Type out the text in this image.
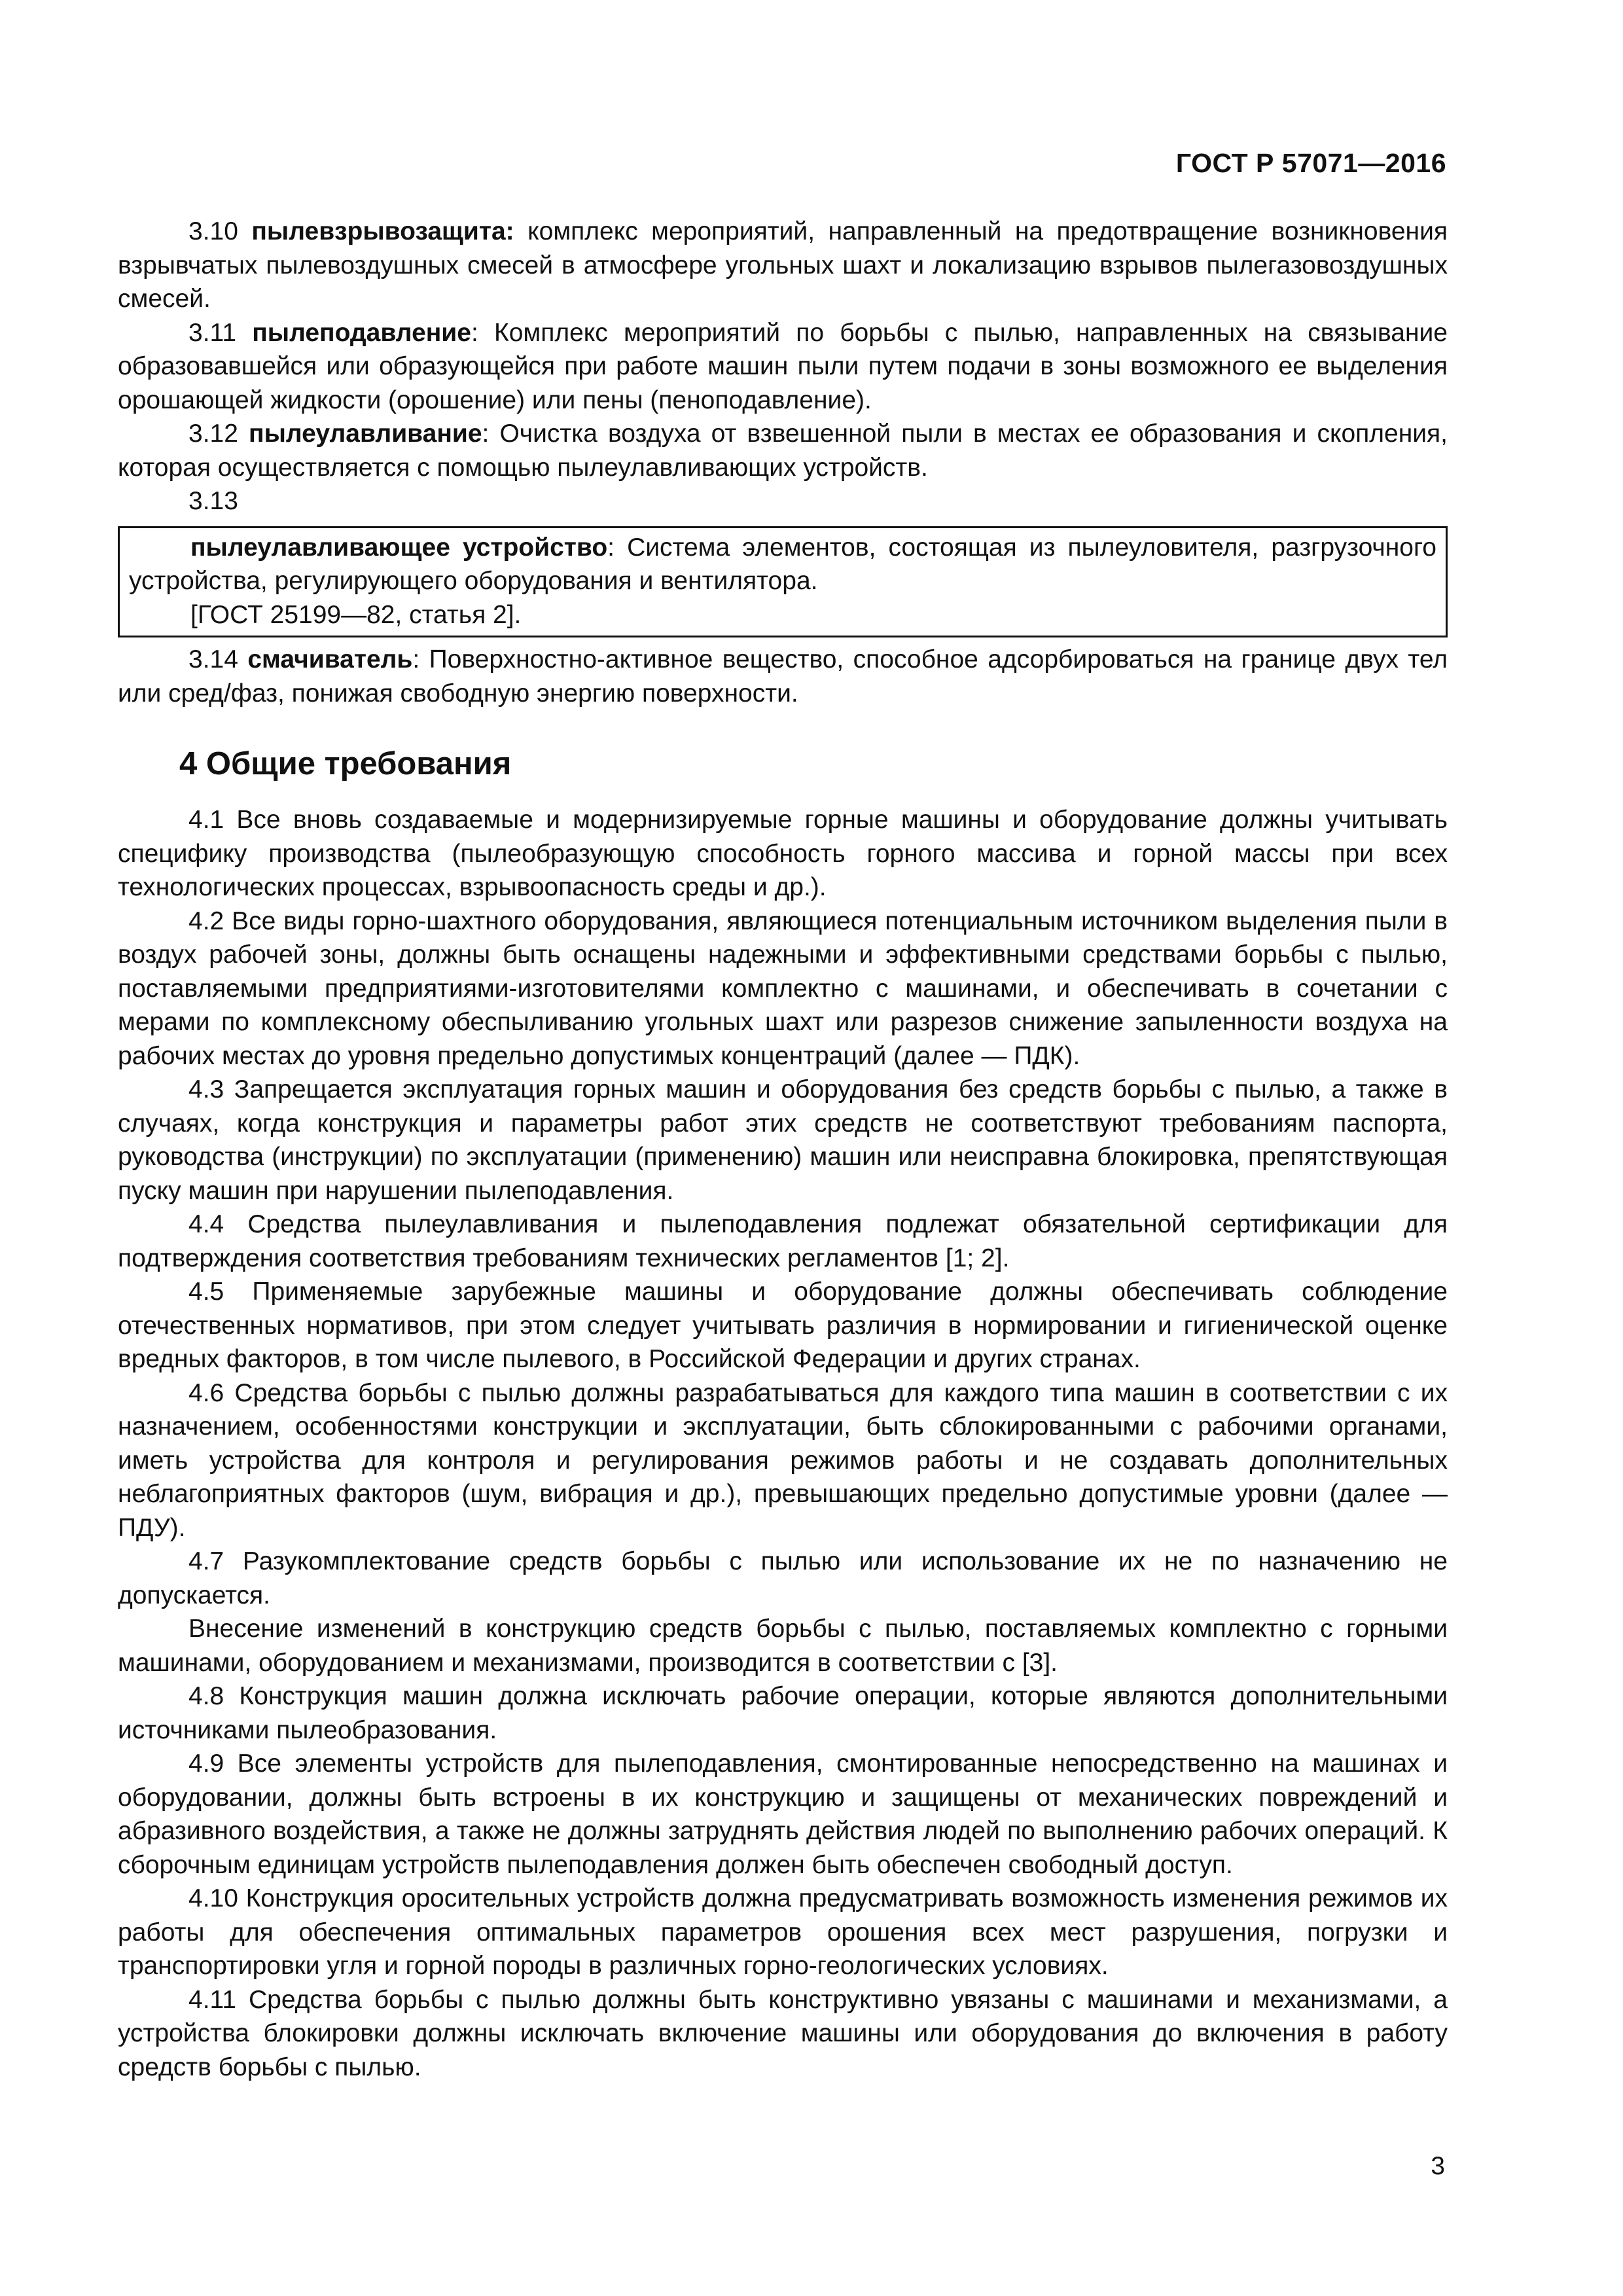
ГОСТ Р 57071—2016

3.10 пылевзрывозащита: комплекс мероприятий, направленный на предотвращение возникновения взрывчатых пылевоздушных смесей в атмосфере угольных шахт и локализацию взрывов пылегазовоздушных смесей.

3.11 пылеподавление: Комплекс мероприятий по борьбы с пылью, направленных на связывание образовавшейся или образующейся при работе машин пыли путем подачи в зоны возможного ее выделения орошающей жидкости (орошение) или пены (пеноподавление).

3.12 пылеулавливание: Очистка воздуха от взвешенной пыли в местах ее образования и скопления, которая осуществляется с помощью пылеулавливающих устройств.

3.13

пылеулавливающее устройство: Система элементов, состоящая из пылеуловителя, разгрузочного устройства, регулирующего оборудования и вентилятора.

[ГОСТ 25199—82, статья 2].

3.14 смачиватель: Поверхностно-активное вещество, способное адсорбироваться на границе двух тел или сред/фаз, понижая свободную энергию поверхности.

4 Общие требования

4.1 Все вновь создаваемые и модернизируемые горные машины и оборудование должны учитывать специфику производства (пылеобразующую способность горного массива и горной массы при всех технологических процессах, взрывоопасность среды и др.).

4.2 Все виды горно-шахтного оборудования, являющиеся потенциальным источником выделения пыли в воздух рабочей зоны, должны быть оснащены надежными и эффективными средствами борьбы с пылью, поставляемыми предприятиями-изготовителями комплектно с машинами, и обеспечивать в сочетании с мерами по комплексному обеспыливанию угольных шахт или разрезов снижение запыленности воздуха на рабочих местах до уровня предельно допустимых концентраций (далее — ПДК).

4.3 Запрещается эксплуатация горных машин и оборудования без средств борьбы с пылью, а также в случаях, когда конструкция и параметры работ этих средств не соответствуют требованиям паспорта, руководства (инструкции) по эксплуатации (применению) машин или неисправна блокировка, препятствующая пуску машин при нарушении пылеподавления.

4.4 Средства пылеулавливания и пылеподавления подлежат обязательной сертификации для подтверждения соответствия требованиям технических регламентов [1; 2].

4.5 Применяемые зарубежные машины и оборудование должны обеспечивать соблюдение отечественных нормативов, при этом следует учитывать различия в нормировании и гигиенической оценке вредных факторов, в том числе пылевого, в Российской Федерации и других странах.

4.6 Средства борьбы с пылью должны разрабатываться для каждого типа машин в соответствии с их назначением, особенностями конструкции и эксплуатации, быть сблокированными с рабочими органами, иметь устройства для контроля и регулирования режимов работы и не создавать дополнительных неблагоприятных факторов (шум, вибрация и др.), превышающих предельно допустимые уровни (далее — ПДУ).

4.7 Разукомплектование средств борьбы с пылью или использование их не по назначению не допускается.

Внесение изменений в конструкцию средств борьбы с пылью, поставляемых комплектно с горными машинами, оборудованием и механизмами, производится в соответствии с [3].

4.8 Конструкция машин должна исключать рабочие операции, которые являются дополнительными источниками пылеобразования.

4.9 Все элементы устройств для пылеподавления, смонтированные непосредственно на машинах и оборудовании, должны быть встроены в их конструкцию и защищены от механических повреждений и абразивного воздействия, а также не должны затруднять действия людей по выполнению рабочих операций. К сборочным единицам устройств пылеподавления должен быть обеспечен свободный доступ.

4.10 Конструкция оросительных устройств должна предусматривать возможность изменения режимов их работы для обеспечения оптимальных параметров орошения всех мест разрушения, погрузки и транспортировки угля и горной породы в различных горно-геологических условиях.

4.11 Средства борьбы с пылью должны быть конструктивно увязаны с машинами и механизмами, а устройства блокировки должны исключать включение машины или оборудования до включения в работу средств борьбы с пылью.

3
